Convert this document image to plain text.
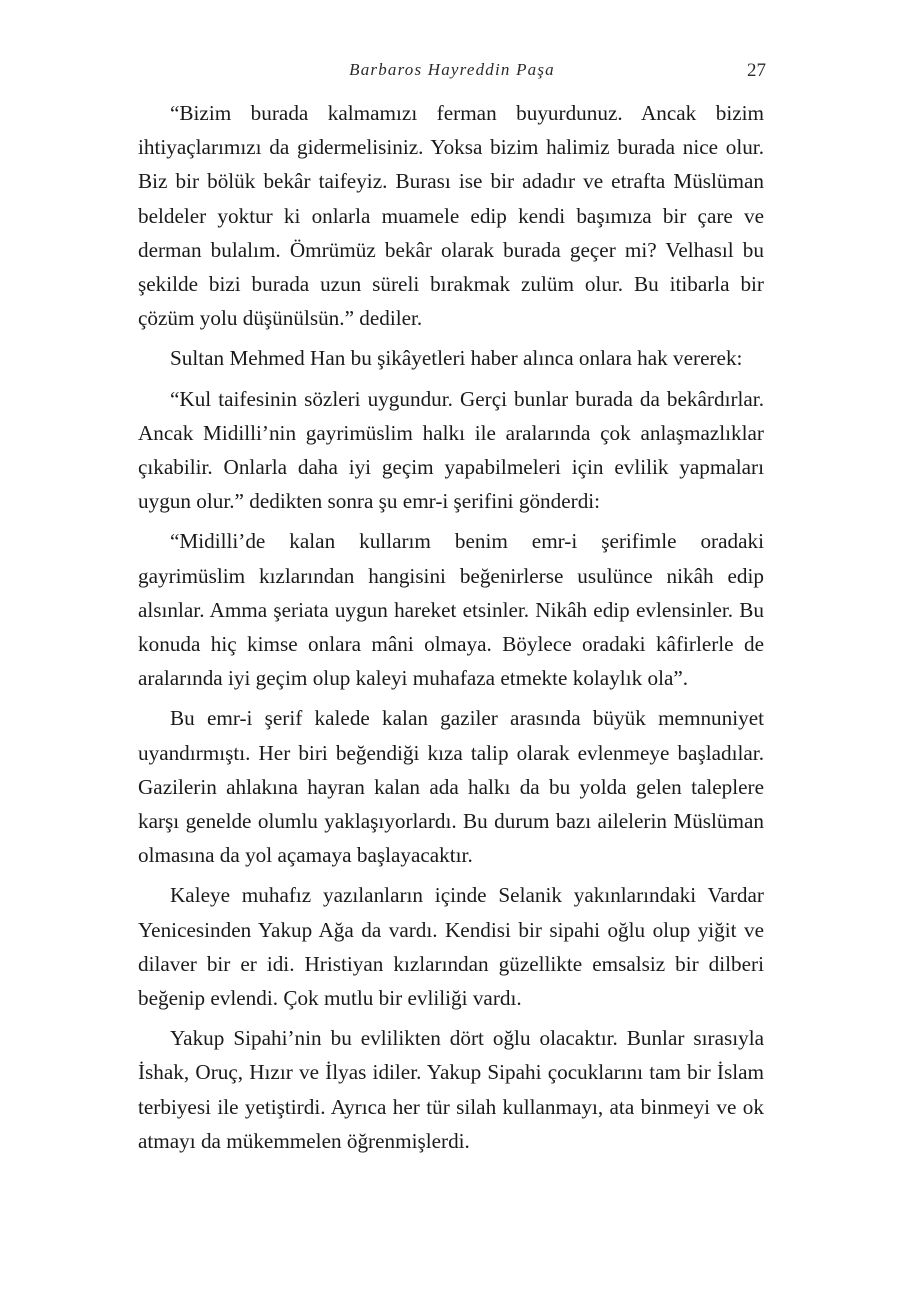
Barbaros Hayreddin Paşa	27

“Bizim burada kalmamızı ferman buyurdunuz. Ancak bizim ihtiyaçlarımızı da gidermelisiniz. Yoksa bizim halimiz burada nice olur. Biz bir bölük bekâr taifeyiz. Burası ise bir adadır ve etrafta Müslüman beldeler yoktur ki onlarla muamele edip kendi başımıza bir çare ve derman bulalım. Ömrümüz bekâr olarak burada geçer mi? Velhasıl bu şekilde bizi burada uzun süreli bırakmak zulüm olur. Bu itibarla bir çözüm yolu düşünülsün.” dediler.

Sultan Mehmed Han bu şikâyetleri haber alınca onlara hak vererek:

“Kul taifesinin sözleri uygundur. Gerçi bunlar burada da bekârdırlar. Ancak Midilli’nin gayrimüslim halkı ile aralarında çok anlaşmazlıklar çıkabilir. Onlarla daha iyi geçim yapabilmeleri için evlilik yapmaları uygun olur.” dedikten sonra şu emr-i şerifini gönderdi:

“Midilli’de kalan kullarım benim emr-i şerifimle oradaki gayrimüslim kızlarından hangisini beğenirlerse usulünce nikâh edip alsınlar. Amma şeriata uygun hareket etsinler. Nikâh edip evlensinler. Bu konuda hiç kimse onlara mâni olmaya. Böylece oradaki kâfirlerle de aralarında iyi geçim olup kaleyi muhafaza etmekte kolaylık ola”.

Bu emr-i şerif kalede kalan gaziler arasında büyük memnuniyet uyandırmıştı. Her biri beğendiği kıza talip olarak evlenmeye başladılar. Gazilerin ahlakına hayran kalan ada halkı da bu yolda gelen taleplere karşı genelde olumlu yaklaşıyorlardı. Bu durum bazı ailelerin Müslüman olmasına da yol açamaya başlayacaktır.

Kaleye muhafız yazılanların içinde Selanik yakınlarındaki Vardar Yenicesinden Yakup Ağa da vardı. Kendisi bir sipahi oğlu olup yiğit ve dilaver bir er idi. Hristiyan kızlarından güzellikte emsalsiz bir dilberi beğenip evlendi. Çok mutlu bir evliliği vardı.

Yakup Sipahi’nin bu evlilikten dört oğlu olacaktır. Bunlar sırasıyla İshak, Oruç, Hızır ve İlyas idiler. Yakup Sipahi çocuklarını tam bir İslam terbiyesi ile yetiştirdi. Ayrıca her tür silah kullanmayı, ata binmeyi ve ok atmayı da mükemmelen öğrenmişlerdi.
